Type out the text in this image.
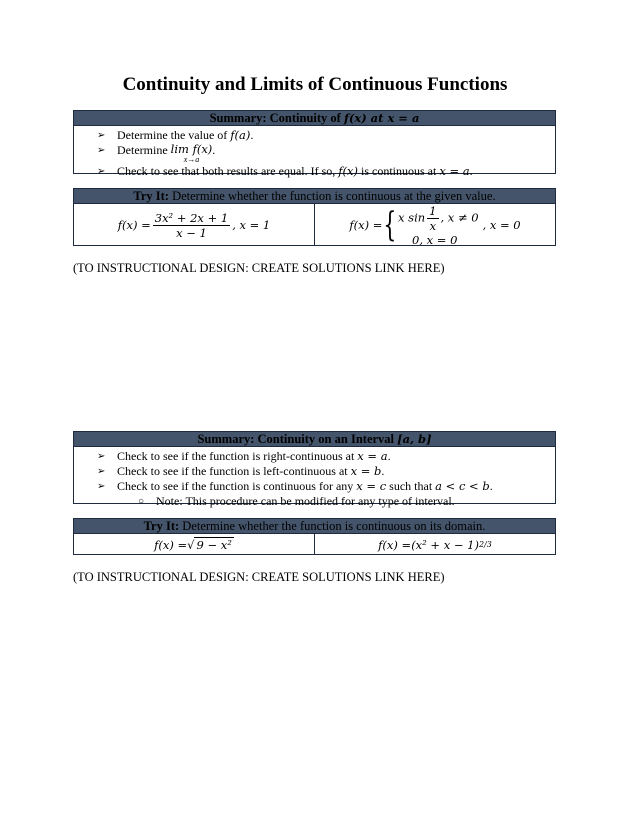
Continuity and Limits of Continuous Functions
Summary: Continuity of f(x) at x = a
➢ Determine the value of f(a).
➢ Determine lim f(x)
x→a
.
➢ Check to see that both results are equal. If so, f(x) is continuous at x = a.
Try It: Determine whether the function is continuous at the given value.
$f(x) = \frac{\text{3x² + 2x + 1}}{x - 1}$ , x = 1	f(x) = { x $\sin \frac{1}{x}$ , x ≠ 0
0, x = 0
, x = 0
(TO INSTRUCTIONAL DESIGN: CREATE SOLUTIONS LINK HERE)
Summary: Continuity on an Interval [a, b]
➢ Check to see if the function is right-continuous at x = a.
➢ Check to see if the function is left-continuous at x = b.
➢ Check to see if the function is continuous for any x = c such that a < c < b.
○ Note: This procedure can be modified for any type of interval.
Try It: Determine whether the function is continuous on its domain.
f(x) = √ 9 − x²	f(x) = (x² + x − 1) 2/3
(TO INSTRUCTIONAL DESIGN: CREATE SOLUTIONS LINK HERE)
